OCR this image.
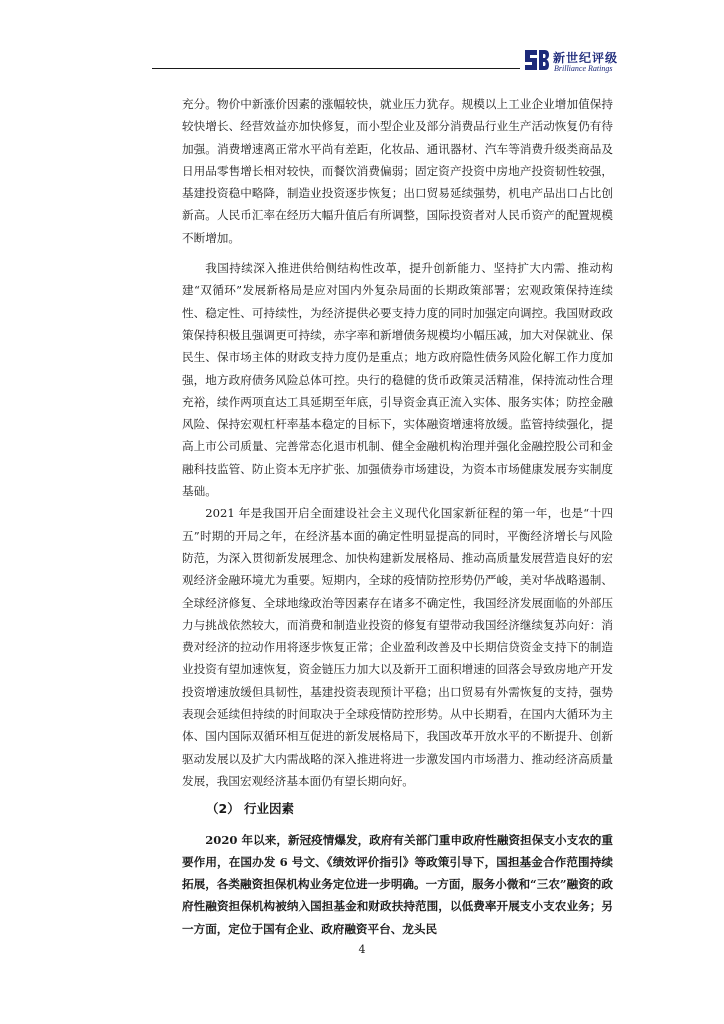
新世纪评级
Brilliance Ratings

充分。物价中新涨价因素的涨幅较快，就业压力犹存。规模以上工业企业增加值保持较快增长、经营效益亦加快修复，而小型企业及部分消费品行业生产活动恢复仍有待加强。消费增速离正常水平尚有差距，化妆品、通讯器材、汽车等消费升级类商品及日用品零售增长相对较快，而餐饮消费偏弱；固定资产投资中房地产投资韧性较强，基建投资稳中略降，制造业投资逐步恢复；出口贸易延续强势，机电产品出口占比创新高。人民币汇率在经历大幅升值后有所调整，国际投资者对人民币资产的配置规模不断增加。

我国持续深入推进供给侧结构性改革，提升创新能力、坚持扩大内需、推动构建“双循环”发展新格局是应对国内外复杂局面的长期政策部署；宏观政策保持连续性、稳定性、可持续性，为经济提供必要支持力度的同时加强定向调控。我国财政政策保持积极且强调更可持续，赤字率和新增债务规模均小幅压减，加大对保就业、保民生、保市场主体的财政支持力度仍是重点；地方政府隐性债务风险化解工作力度加强，地方政府债务风险总体可控。央行的稳健的货币政策灵活精准，保持流动性合理充裕，续作两项直达工具延期至年底，引导资金真正流入实体、服务实体；防控金融风险、保持宏观杠杆率基本稳定的目标下，实体融资增速将放缓。监管持续强化，提高上市公司质量、完善常态化退市机制、健全金融机构治理并强化金融控股公司和金融科技监管、防止资本无序扩张、加强债券市场建设，为资本市场健康发展夯实制度基础。

2021 年是我国开启全面建设社会主义现代化国家新征程的第一年，也是“十四五”时期的开局之年，在经济基本面的确定性明显提高的同时，平衡经济增长与风险防范，为深入贯彻新发展理念、加快构建新发展格局、推动高质量发展营造良好的宏观经济金融环境尤为重要。短期内，全球的疫情防控形势仍严峻，美对华战略遏制、全球经济修复、全球地缘政治等因素存在诸多不确定性，我国经济发展面临的外部压力与挑战依然较大，而消费和制造业投资的修复有望带动我国经济继续复苏向好：消费对经济的拉动作用将逐步恢复正常；企业盈利改善及中长期信贷资金支持下的制造业投资有望加速恢复，资金链压力加大以及新开工面积增速的回落会导致房地产开发投资增速放缓但具韧性，基建投资表现预计平稳；出口贸易有外需恢复的支持，强势表现会延续但持续的时间取决于全球疫情防控形势。从中长期看，在国内大循环为主体、国内国际双循环相互促进的新发展格局下，我国改革开放水平的不断提升、创新驱动发展以及扩大内需战略的深入推进将进一步激发国内市场潜力、推动经济高质量发展，我国宏观经济基本面仍有望长期向好。

（2） 行业因素

2020 年以来，新冠疫情爆发，政府有关部门重申政府性融资担保支小支农的重要作用，在国办发 6 号文、《绩效评价指引》等政策引导下，国担基金合作范围持续拓展，各类融资担保机构业务定位进一步明确。一方面，服务小微和“三农”融资的政府性融资担保机构被纳入国担基金和财政扶持范围，以低费率开展支小支农业务；另一方面，定位于国有企业、政府融资平台、龙头民

4
